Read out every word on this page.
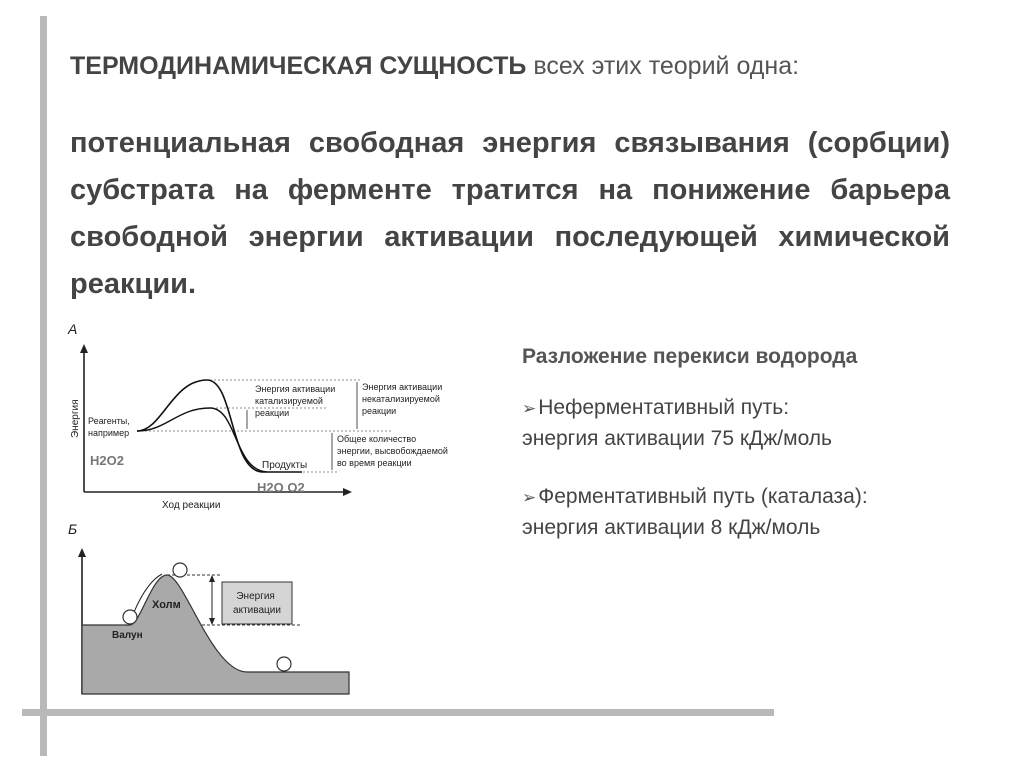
ТЕРМОДИНАМИЧЕСКАЯ СУЩНОСТЬ всех этих теорий одна:
потенциальная свободная энергия связывания (сорбции) субстрата на ферменте тратится на понижение барьера свободной энергии активации последующей химической реакции.
Разложение перекиси водорода
➢Неферментативный путь:
энергия активации 75 кДж/моль
➢Ферментативный путь (каталаза):
энергия активации 8 кДж/моль
А
Энергия
Ход реакции
Реагенты, например
H2O2	Продукты
H2O O2
Энергия активации катализируемой реакции
Энергия активации некатализируемой реакции
Общее количество энергии, высвобождаемой во время реакции
Б
Энергия активации
Холм
Валун
